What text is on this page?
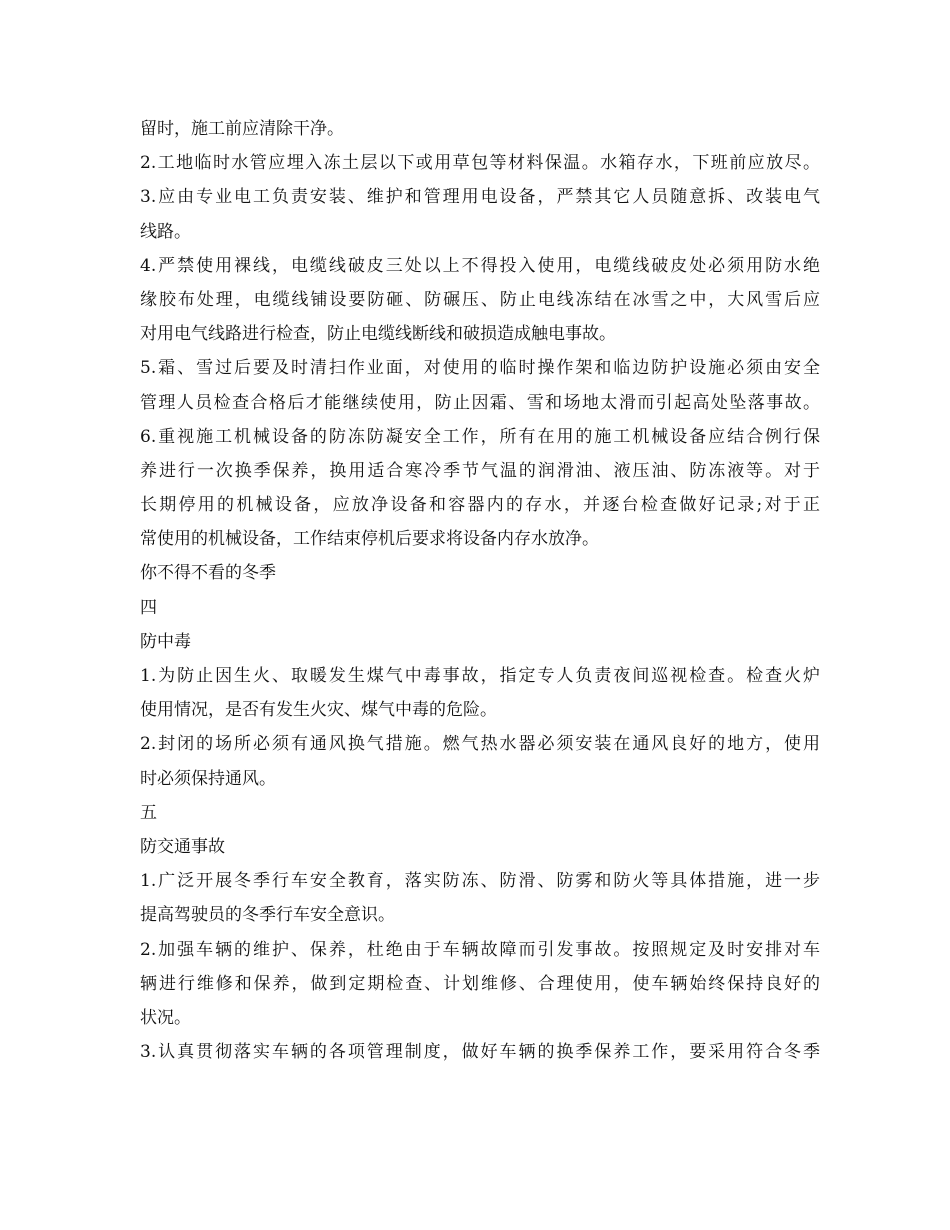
留时，施工前应清除干净。
2.工地临时水管应埋入冻土层以下或用草包等材料保温。水箱存水，下班前应放尽。
3.应由专业电工负责安装、维护和管理用电设备，严禁其它人员随意拆、改装电气
线路。
4.严禁使用裸线，电缆线破皮三处以上不得投入使用，电缆线破皮处必须用防水绝
缘胶布处理，电缆线铺设要防砸、防碾压、防止电线冻结在冰雪之中，大风雪后应
对用电气线路进行检查，防止电缆线断线和破损造成触电事故。
5.霜、雪过后要及时清扫作业面，对使用的临时操作架和临边防护设施必须由安全
管理人员检查合格后才能继续使用，防止因霜、雪和场地太滑而引起高处坠落事故。
6.重视施工机械设备的防冻防凝安全工作，所有在用的施工机械设备应结合例行保
养进行一次换季保养，换用适合寒冷季节气温的润滑油、液压油、防冻液等。对于
长期停用的机械设备，应放净设备和容器内的存水，并逐台检查做好记录;对于正
常使用的机械设备，工作结束停机后要求将设备内存水放净。
你不得不看的冬季
四
防中毒
1.为防止因生火、取暖发生煤气中毒事故，指定专人负责夜间巡视检查。检查火炉
使用情况，是否有发生火灾、煤气中毒的危险。
2.封闭的场所必须有通风换气措施。燃气热水器必须安装在通风良好的地方，使用
时必须保持通风。
五
防交通事故
1.广泛开展冬季行车安全教育，落实防冻、防滑、防雾和防火等具体措施，进一步
提高驾驶员的冬季行车安全意识。
2.加强车辆的维护、保养，杜绝由于车辆故障而引发事故。按照规定及时安排对车
辆进行维修和保养，做到定期检查、计划维修、合理使用，使车辆始终保持良好的
状况。
3.认真贯彻落实车辆的各项管理制度，做好车辆的换季保养工作，要采用符合冬季
